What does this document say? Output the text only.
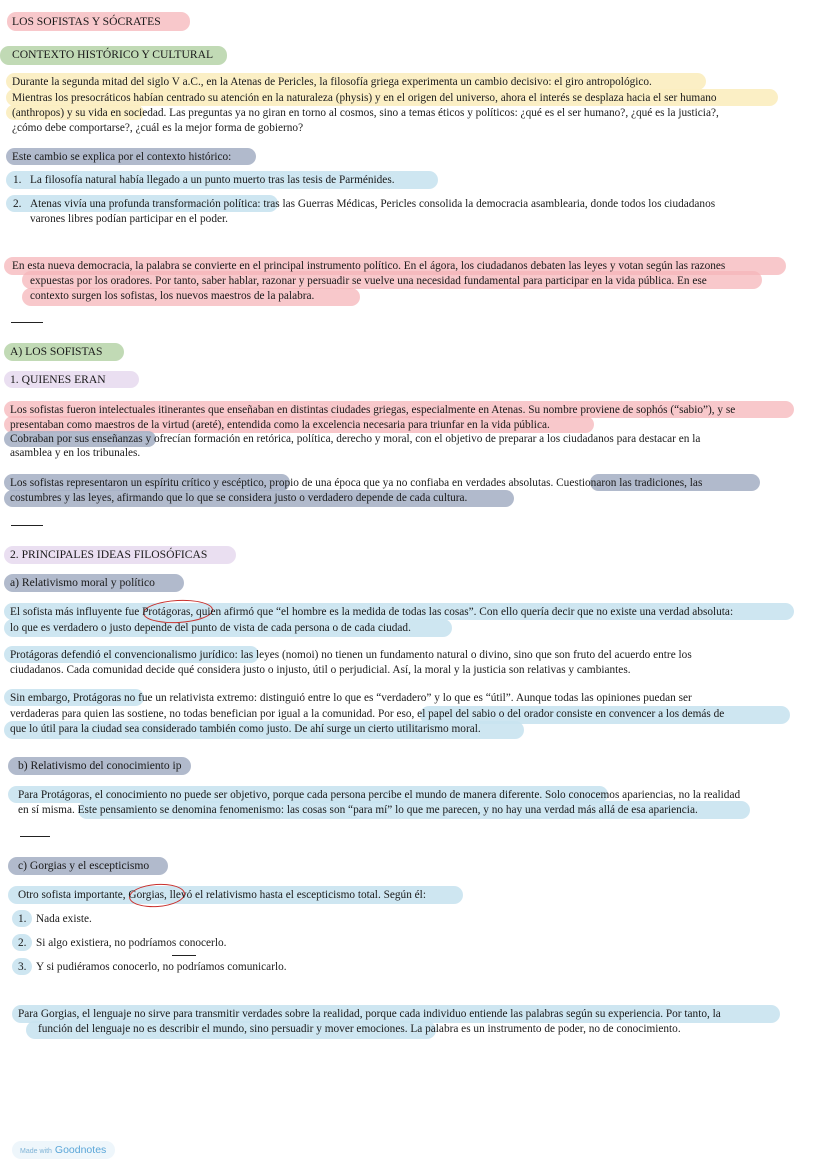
LOS SOFISTAS Y SÓCRATES
CONTEXTO HISTÓRICO Y CULTURAL
Durante la segunda mitad del siglo V a.C., en la Atenas de Pericles, la filosofía griega experimenta un cambio decisivo: el giro antropológico.
Mientras los presocráticos habían centrado su atención en la naturaleza (physis) y en el origen del universo, ahora el interés se desplaza hacia el ser humano
(anthropos) y su vida en sociedad. Las preguntas ya no giran en torno al cosmos, sino a temas éticos y políticos: ¿qué es el ser humano?, ¿qué es la justicia?,
¿cómo debe comportarse?, ¿cuál es la mejor forma de gobierno?
Este cambio se explica por el contexto histórico:
1. La filosofía natural había llegado a un punto muerto tras las tesis de Parménides.
2. Atenas vivía una profunda transformación política: tras las Guerras Médicas, Pericles consolida la democracia asamblearia, donde todos los ciudadanos
varones libres podían participar en el poder.
En esta nueva democracia, la palabra se convierte en el principal instrumento político. En el ágora, los ciudadanos debaten las leyes y votan según las razones
expuestas por los oradores. Por tanto, saber hablar, razonar y persuadir se vuelve una necesidad fundamental para participar en la vida pública. En ese
contexto surgen los sofistas, los nuevos maestros de la palabra.
A) LOS SOFISTAS
1. QUIENES ERAN
Los sofistas fueron intelectuales itinerantes que enseñaban en distintas ciudades griegas, especialmente en Atenas. Su nombre proviene de sophós (“sabio”), y se
presentaban como maestros de la virtud (areté), entendida como la excelencia necesaria para triunfar en la vida pública.
Cobraban por sus enseñanzas y ofrecían formación en retórica, política, derecho y moral, con el objetivo de preparar a los ciudadanos para destacar en la
asamblea y en los tribunales.
Los sofistas representaron un espíritu crítico y escéptico, propio de una época que ya no confiaba en verdades absolutas. Cuestionaron las tradiciones, las
costumbres y las leyes, afirmando que lo que se considera justo o verdadero depende de cada cultura.
2. PRINCIPALES IDEAS FILOSÓFICAS
a) Relativismo moral y político
El sofista más influyente fue Protágoras, quien afirmó que “el hombre es la medida de todas las cosas”. Con ello quería decir que no existe una verdad absoluta:
lo que es verdadero o justo depende del punto de vista de cada persona o de cada ciudad.
Protágoras defendió el convencionalismo jurídico: las leyes (nomoi) no tienen un fundamento natural o divino, sino que son fruto del acuerdo entre los
ciudadanos. Cada comunidad decide qué considera justo o injusto, útil o perjudicial. Así, la moral y la justicia son relativas y cambiantes.
Sin embargo, Protágoras no fue un relativista extremo: distinguió entre lo que es “verdadero” y lo que es “útil”. Aunque todas las opiniones puedan ser
verdaderas para quien las sostiene, no todas benefician por igual a la comunidad. Por eso, el papel del sabio o del orador consiste en convencer a los demás de
que lo útil para la ciudad sea considerado también como justo. De ahí surge un cierto utilitarismo moral.
b) Relativismo del conocimiento ip
Para Protágoras, el conocimiento no puede ser objetivo, porque cada persona percibe el mundo de manera diferente. Solo conocemos apariencias, no la realidad
en sí misma. Este pensamiento se denomina fenomenismo: las cosas son “para mí” lo que me parecen, y no hay una verdad más allá de esa apariencia.
c) Gorgias y el escepticismo
Otro sofista importante, Gorgias, llevó el relativismo hasta el escepticismo total. Según él:
1. Nada existe.
2. Si algo existiera, no podríamos conocerlo.
3. Y si pudiéramos conocerlo, no podríamos comunicarlo.
Para Gorgias, el lenguaje no sirve para transmitir verdades sobre la realidad, porque cada individuo entiende las palabras según su experiencia. Por tanto, la
función del lenguaje no es describir el mundo, sino persuadir y mover emociones. La palabra es un instrumento de poder, no de conocimiento.
Made with Goodnotes
